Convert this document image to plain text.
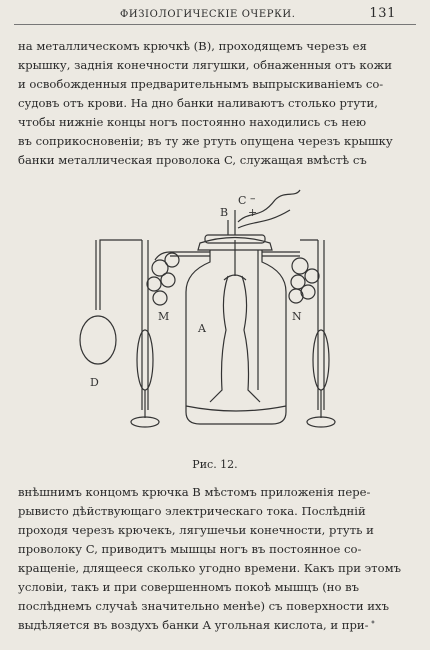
ФИЗІОЛОГИЧЕСКІЕ ОЧЕРКИ.	131

на металлическомъ крючкѣ (B), проходящемъ черезъ ея
крышку, заднія конечности лягушки, обнаженныя отъ кожи
и освобожденныя предварительнымъ выпрыскиваніемъ со-
судовъ отъ крови. На дно банки наливаютъ столько ртути,
чтобы нижніе концы ногъ постоянно находились съ нею
въ соприкосновеніи; въ ту же ртуть опущена черезъ крышку
банки металлическая проволока C, служащая вмѣстѣ съ

C –
+
B
A
M	N
D
Рис. 12.

внѣшнимъ концомъ крючка B мѣстомъ приложенія пере-
рывисто дѣйствующаго электрическаго тока. Послѣдній
проходя черезъ крючекъ, лягушечьи конечности, ртуть и
проволоку C, приводитъ мышцы ногъ въ постоянное со-
кращеніе, длящееся сколько угодно времени. Какъ при этомъ
условіи, такъ и при совершенномъ покоѣ мышцъ (но въ
послѣднемъ случаѣ значительно менѣе) съ поверхности ихъ
выдѣляется въ воздухъ банки A угольная кислота, и при- •
